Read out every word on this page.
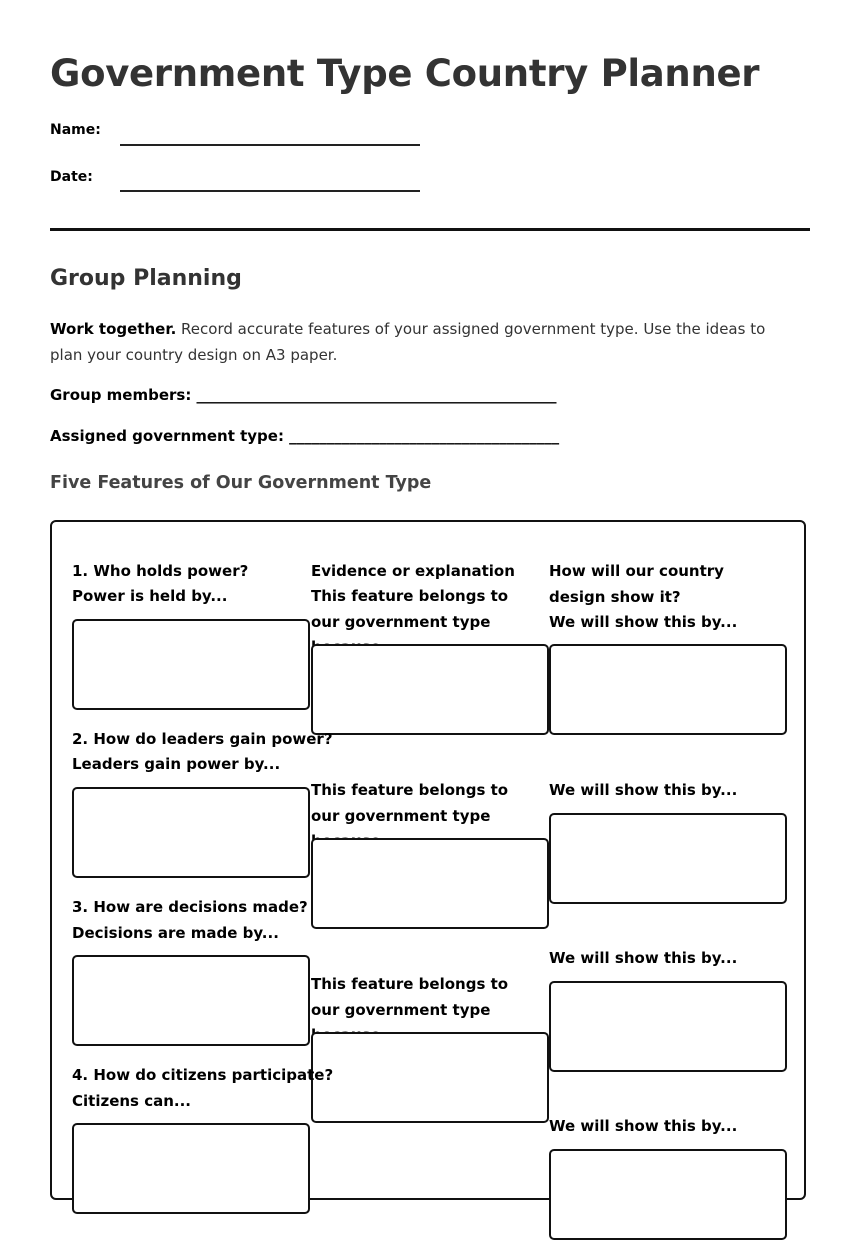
Government Type Country Planner
Name:
Date:
Group Planning
Work together. Record accurate features of your assigned government type. Use the ideas to plan your country design on A3 paper.
Group members: ________________________________________________
Assigned government type: ____________________________________
Five Features of Our Government Type
1. Who holds power?
Power is held by...
Evidence or explanation
This feature belongs to our government type
How will our country design show it?
We will show this by...
2. How do leaders gain power?
Leaders gain power by...
This feature belongs to our government type
We will show this by...
3. How are decisions made?
Decisions are made by...
This feature belongs to our government type
We will show this by...
4. How do citizens participate?
Citizens can...
We will show this by...
